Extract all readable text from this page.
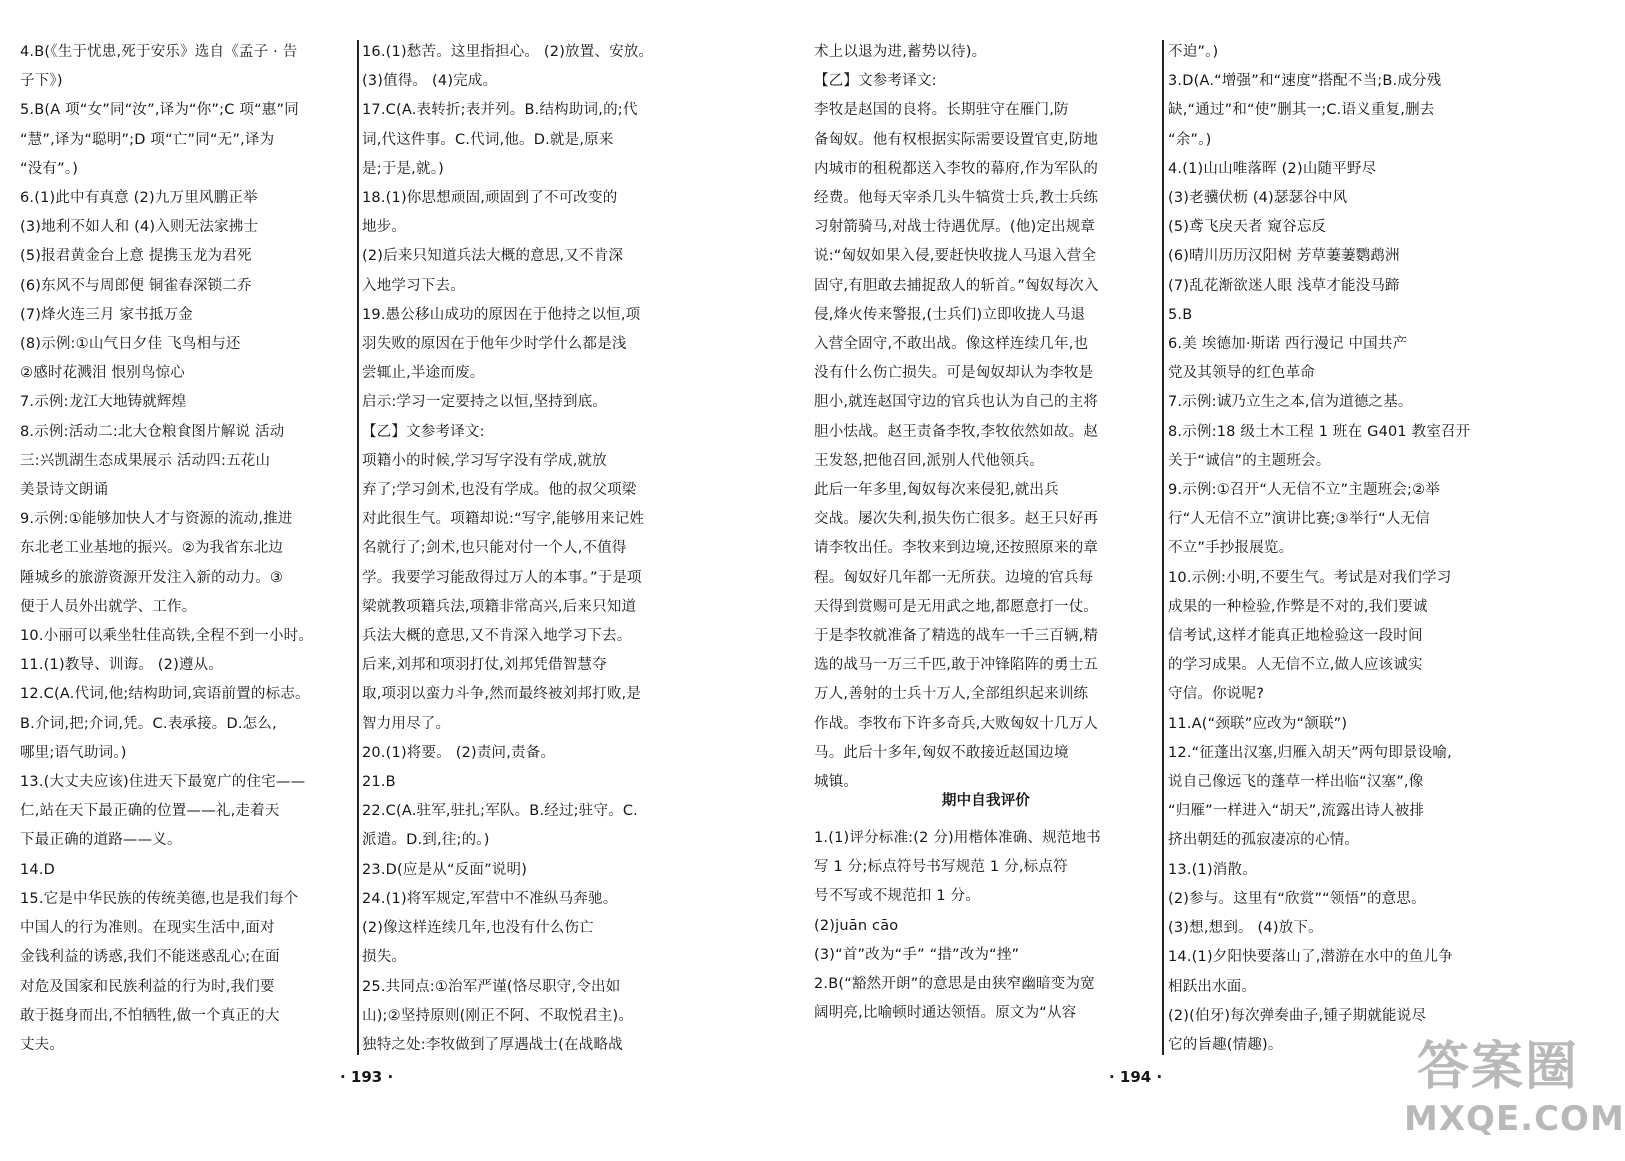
4.B(《生于忧患,死于安乐》选自《孟子 · 告
子下》)
5.B(A 项“女”同“汝”,译为“你”;C 项“惠”同
“慧”,译为“聪明”;D 项“亡”同“无”,译为
“没有”。)
6.(1)此中有真意 (2)九万里风鹏正举
(3)地利不如人和 (4)入则无法家拂士
(5)报君黄金台上意 提携玉龙为君死
(6)东风不与周郎便 铜雀春深锁二乔
(7)烽火连三月 家书抵万金
(8)示例:①山气日夕佳 飞鸟相与还
②感时花溅泪 恨别鸟惊心
7.示例:龙江大地铸就辉煌
8.示例:活动二:北大仓粮食图片解说 活动
三:兴凯湖生态成果展示 活动四:五花山
美景诗文朗诵
9.示例:①能够加快人才与资源的流动,推进
东北老工业基地的振兴。②为我省东北边
陲城乡的旅游资源开发注入新的动力。③
便于人员外出就学、工作。
10.小丽可以乘坐牡佳高铁,全程不到一小时。
11.(1)教导、训诲。 (2)遵从。
12.C(A.代词,他;结构助词,宾语前置的标志。
B.介词,把;介词,凭。C.表承接。D.怎么,
哪里;语气助词。)
13.(大丈夫应该)住进天下最宽广的住宅——
仁,站在天下最正确的位置——礼,走着天
下最正确的道路——义。
14.D
15.它是中华民族的传统美德,也是我们每个
中国人的行为准则。在现实生活中,面对
金钱利益的诱惑,我们不能迷惑乱心;在面
对危及国家和民族利益的行为时,我们要
敢于挺身而出,不怕牺牲,做一个真正的大
丈夫。
16.(1)愁苦。这里指担心。 (2)放置、安放。
(3)值得。 (4)完成。
17.C(A.表转折;表并列。B.结构助词,的;代
词,代这件事。C.代词,他。D.就是,原来
是;于是,就。)
18.(1)你思想顽固,顽固到了不可改变的
地步。
(2)后来只知道兵法大概的意思,又不肯深
入地学习下去。
19.愚公移山成功的原因在于他持之以恒,项
羽失败的原因在于他年少时学什么都是浅
尝辄止,半途而废。
启示:学习一定要持之以恒,坚持到底。
【乙】文参考译文:
项籍小的时候,学习写字没有学成,就放
弃了;学习剑术,也没有学成。他的叔父项梁
对此很生气。项籍却说:“写字,能够用来记姓
名就行了;剑术,也只能对付一个人,不值得
学。我要学习能敌得过万人的本事。”于是项
梁就教项籍兵法,项籍非常高兴,后来只知道
兵法大概的意思,又不肯深入地学习下去。
后来,刘邦和项羽打仗,刘邦凭借智慧夺
取,项羽以蛮力斗争,然而最终被刘邦打败,是
智力用尽了。
20.(1)将要。 (2)责问,责备。
21.B
22.C(A.驻军,驻扎;军队。B.经过;驻守。C.
派遣。D.到,往;的。)
23.D(应是从“反面”说明)
24.(1)将军规定,军营中不准纵马奔驰。
(2)像这样连续几年,也没有什么伤亡
损失。
25.共同点:①治军严谨(恪尽职守,令出如
山);②坚持原则(刚正不阿、不取悦君主)。
独特之处:李牧做到了厚遇战士(在战略战
· 193 ·
术上以退为进,蓄势以待)。
【乙】文参考译文:
李牧是赵国的良将。长期驻守在雁门,防
备匈奴。他有权根据实际需要设置官吏,防地
内城市的租税都送入李牧的幕府,作为军队的
经费。他每天宰杀几头牛犒赏士兵,教士兵练
习射箭骑马,对战士待遇优厚。(他)定出规章
说:“匈奴如果入侵,要赶快收拢人马退入营全
固守,有胆敢去捕捉敌人的斩首。”匈奴每次入
侵,烽火传来警报,(士兵们)立即收拢人马退
入营全固守,不敢出战。像这样连续几年,也
没有什么伤亡损失。可是匈奴却认为李牧是
胆小,就连赵国守边的官兵也认为自己的主将
胆小怯战。赵王责备李牧,李牧依然如故。赵
王发怒,把他召回,派别人代他领兵。
此后一年多里,匈奴每次来侵犯,就出兵
交战。屡次失利,损失伤亡很多。赵王只好再
请李牧出任。李牧来到边境,还按照原来的章
程。匈奴好几年都一无所获。边境的官兵每
天得到赏赐可是无用武之地,都愿意打一仗。
于是李牧就准备了精选的战车一千三百辆,精
选的战马一万三千匹,敢于冲锋陷阵的勇士五
万人,善射的士兵十万人,全部组织起来训练
作战。李牧布下许多奇兵,大败匈奴十几万人
马。此后十多年,匈奴不敢接近赵国边境
城镇。
期中自我评价
1.(1)评分标准:(2 分)用楷体准确、规范地书
写 1 分;标点符号书写规范 1 分,标点符
号不写或不规范扣 1 分。
(2)juān cāo
(3)“首”改为“手” “措”改为“挫”
2.B(“豁然开朗”的意思是由狭窄幽暗变为宽
阔明亮,比喻顿时通达领悟。原文为“从容
不迫”。)
3.D(A.“增强”和“速度”搭配不当;B.成分残
缺,“通过”和“使”删其一;C.语义重复,删去
“余”。)
4.(1)山山唯落晖 (2)山随平野尽
(3)老骥伏枥 (4)瑟瑟谷中风
(5)鸢飞戾天者 窥谷忘反
(6)晴川历历汉阳树 芳草萋萋鹦鹉洲
(7)乱花渐欲迷人眼 浅草才能没马蹄
5.B
6.美 埃德加·斯诺 西行漫记 中国共产
党及其领导的红色革命
7.示例:诚乃立生之本,信为道德之基。
8.示例:18 级土木工程 1 班在 G401 教室召开
关于“诚信”的主题班会。
9.示例:①召开“人无信不立”主题班会;②举
行“人无信不立”演讲比赛;③举行“人无信
不立”手抄报展览。
10.示例:小明,不要生气。考试是对我们学习
成果的一种检验,作弊是不对的,我们要诚
信考试,这样才能真正地检验这一段时间
的学习成果。人无信不立,做人应该诚实
守信。你说呢?
11.A(“颈联”应改为“颔联”)
12.“征蓬出汉塞,归雁入胡天”两句即景设喻,
说自己像远飞的蓬草一样出临“汉塞”,像
“归雁”一样进入“胡天”,流露出诗人被排
挤出朝廷的孤寂凄凉的心情。
13.(1)消散。
(2)参与。这里有“欣赏”“领悟”的意思。
(3)想,想到。 (4)放下。
14.(1)夕阳快要落山了,潜游在水中的鱼儿争
相跃出水面。
(2)(伯牙)每次弹奏曲子,锺子期就能说尽
它的旨趣(情趣)。
· 194 ·	答案圈
MXQE.COM
